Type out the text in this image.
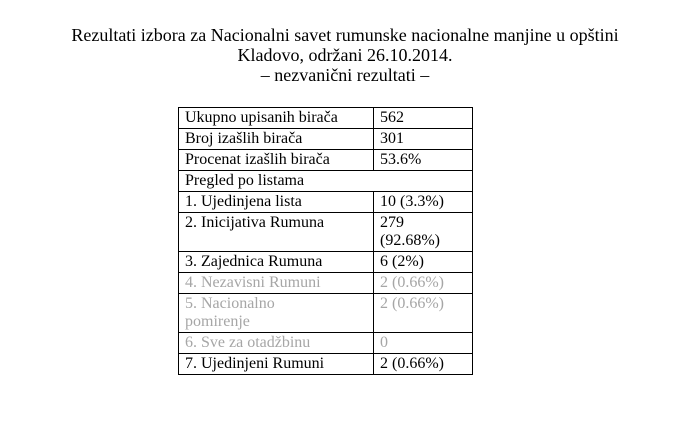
Rezultati izbora za Nacionalni savet rumunske nacionalne manjine u opštini
Kladovo, održani 26.10.2014.
– nezvanični rezultati –
Ukupno upisanih birača	562
Broj izašlih birača	301
Procenat izašlih birača	53.6%
Pregled po listama	
1. Ujedinjena lista	10 (3.3%)
2. Inicijativa Rumuna	279
(92.68%)

3. Zajednica Rumuna	6 (2%)
4. Nezavisni Rumuni	2 (0.66%)

5. Nacionalno
pomirenje	2 (0.66%)
6. Sve za otadžbinu	0
7. Ujedinjeni Rumuni	2 (0.66%)
